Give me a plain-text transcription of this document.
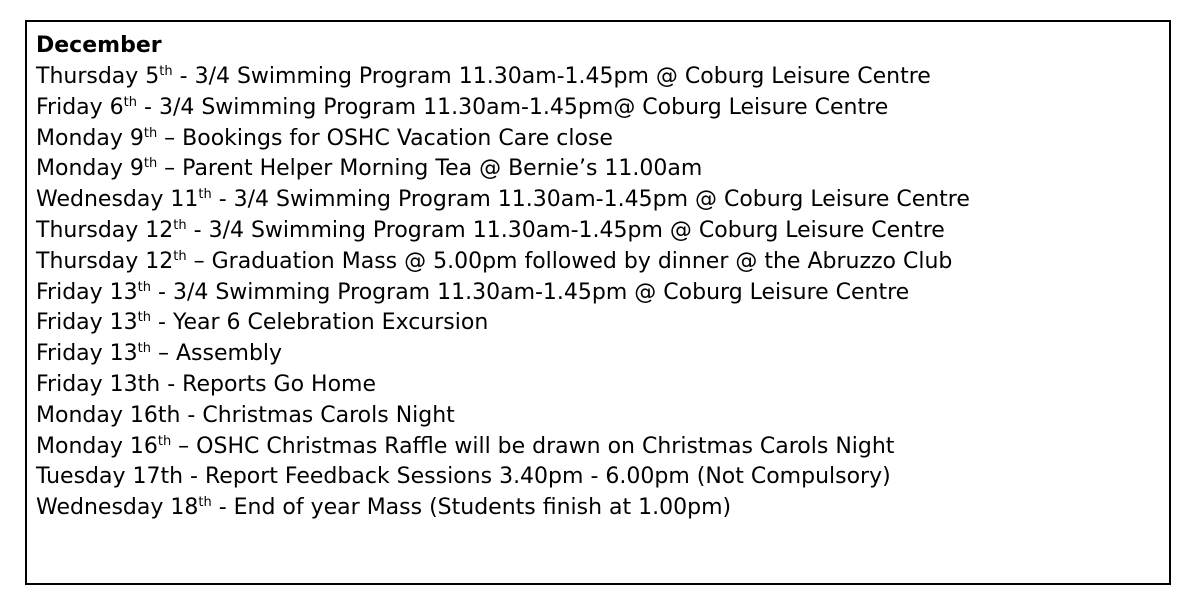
December
Thursday 5th - 3/4 Swimming Program 11.30am-1.45pm @ Coburg Leisure Centre
Friday 6th - 3/4 Swimming Program 11.30am-1.45pm@ Coburg Leisure Centre
Monday 9th – Bookings for OSHC Vacation Care close
Monday 9th – Parent Helper Morning Tea @ Bernie’s 11.00am
Wednesday 11th - 3/4 Swimming Program 11.30am-1.45pm @ Coburg Leisure Centre
Thursday 12th - 3/4 Swimming Program 11.30am-1.45pm @ Coburg Leisure Centre
Thursday 12th – Graduation Mass @ 5.00pm followed by dinner @ the Abruzzo Club
Friday 13th - 3/4 Swimming Program 11.30am-1.45pm @ Coburg Leisure Centre
Friday 13th - Year 6 Celebration Excursion
Friday 13th – Assembly
Friday 13th - Reports Go Home
Monday 16th - Christmas Carols Night
Monday 16th – OSHC Christmas Raffle will be drawn on Christmas Carols Night
Tuesday 17th - Report Feedback Sessions 3.40pm - 6.00pm (Not Compulsory)
Wednesday 18th - End of year Mass (Students finish at 1.00pm)
